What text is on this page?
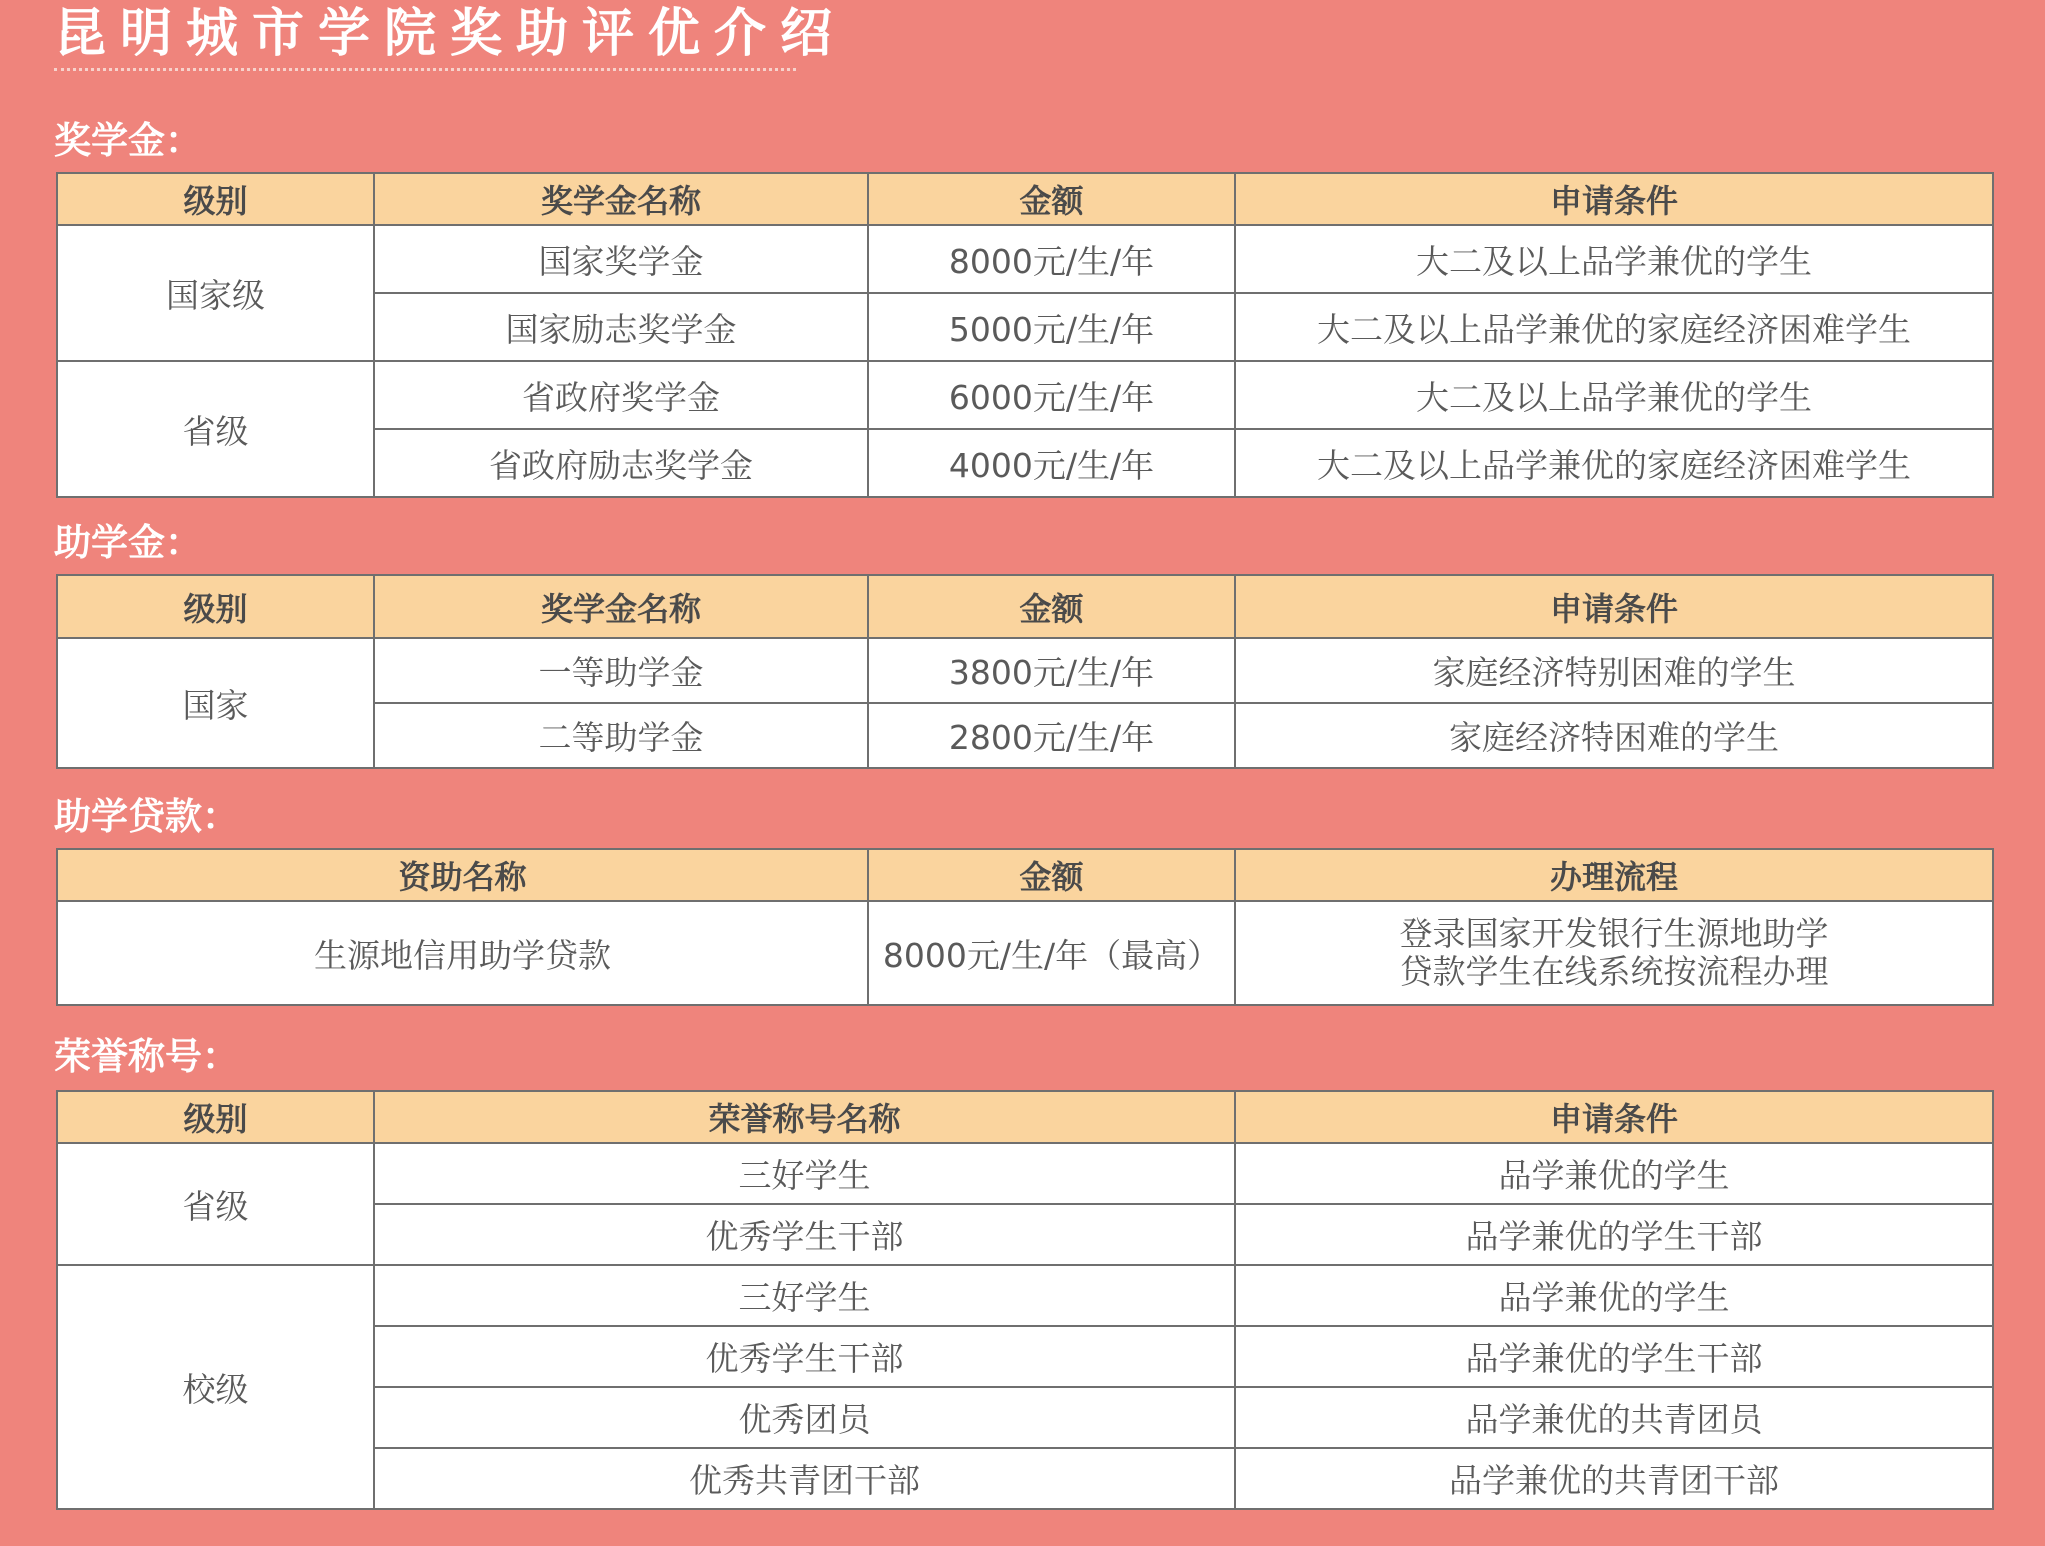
昆明城市学院奖助评优介绍
奖学金：
级别	奖学金名称	金额	申请条件
国家级	国家奖学金	8000元/生/年	大二及以上品学兼优的学生
	国家励志奖学金	5000元/生/年	大二及以上品学兼优的家庭经济困难学生
省级	省政府奖学金	6000元/生/年	大二及以上品学兼优的学生
	省政府励志奖学金	4000元/生/年	大二及以上品学兼优的家庭经济困难学生
助学金：
级别	奖学金名称	金额	申请条件
国家	一等助学金	3800元/生/年	家庭经济特别困难的学生
	二等助学金	2800元/生/年	家庭经济特困难的学生
助学贷款：
资助名称	金额	办理流程
生源地信用助学贷款	8000元/生/年（最高）	登录国家开发银行生源地助学
贷款学生在线系统按流程办理
荣誉称号：
级别	荣誉称号名称	申请条件
省级	三好学生	品学兼优的学生
	优秀学生干部	品学兼优的学生干部
校级	三好学生	品学兼优的学生
	优秀学生干部	品学兼优的学生干部
	优秀团员	品学兼优的共青团员
	优秀共青团干部	品学兼优的共青团干部
